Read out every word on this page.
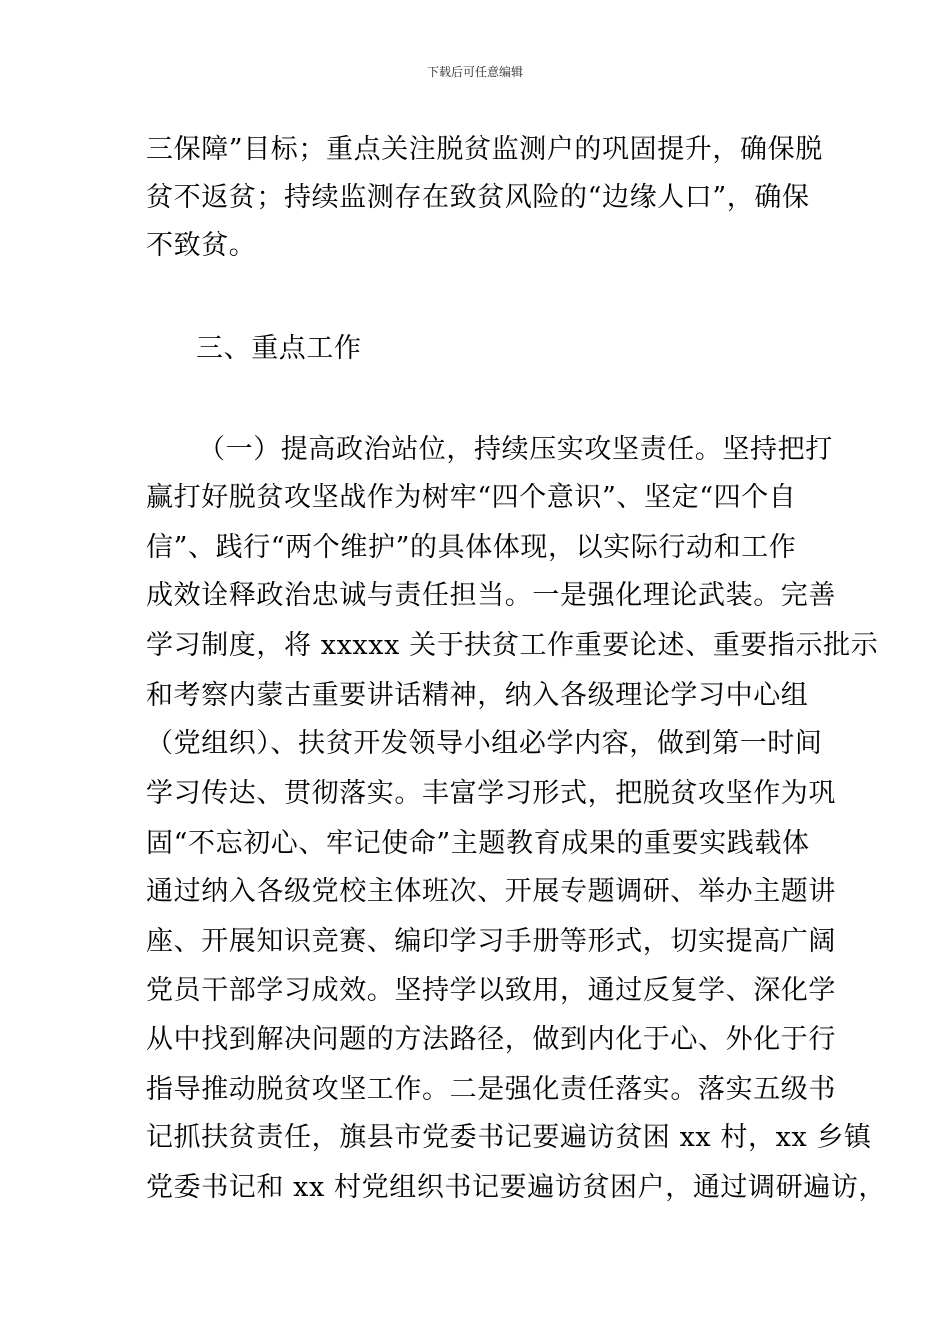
下载后可任意编辑
三保障”目标；重点关注脱贫监测户的巩固提升，确保脱
贫不返贫；持续监测存在致贫风险的“边缘人口”，确保
不致贫。
三、重点工作
（一）提高政治站位，持续压实攻坚责任。坚持把打
赢打好脱贫攻坚战作为树牢“四个意识”、坚定“四个自
信”、践行“两个维护”的具体体现，以实际行动和工作
成效诠释政治忠诚与责任担当。一是强化理论武装。完善
学习制度，将 xxxxx 关于扶贫工作重要论述、重要指示批示
和考察内蒙古重要讲话精神，纳入各级理论学习中心组
（党组织）、扶贫开发领导小组必学内容，做到第一时间
学习传达、贯彻落实。丰富学习形式，把脱贫攻坚作为巩
固“不忘初心、牢记使命”主题教育成果的重要实践载体
通过纳入各级党校主体班次、开展专题调研、举办主题讲
座、开展知识竞赛、编印学习手册等形式，切实提高广阔
党员干部学习成效。坚持学以致用，通过反复学、深化学
从中找到解决问题的方法路径，做到内化于心、外化于行
指导推动脱贫攻坚工作。二是强化责任落实。落实五级书
记抓扶贫责任，旗县市党委书记要遍访贫困 xx 村，xx 乡镇
党委书记和 xx 村党组织书记要遍访贫困户，通过调研遍访，
